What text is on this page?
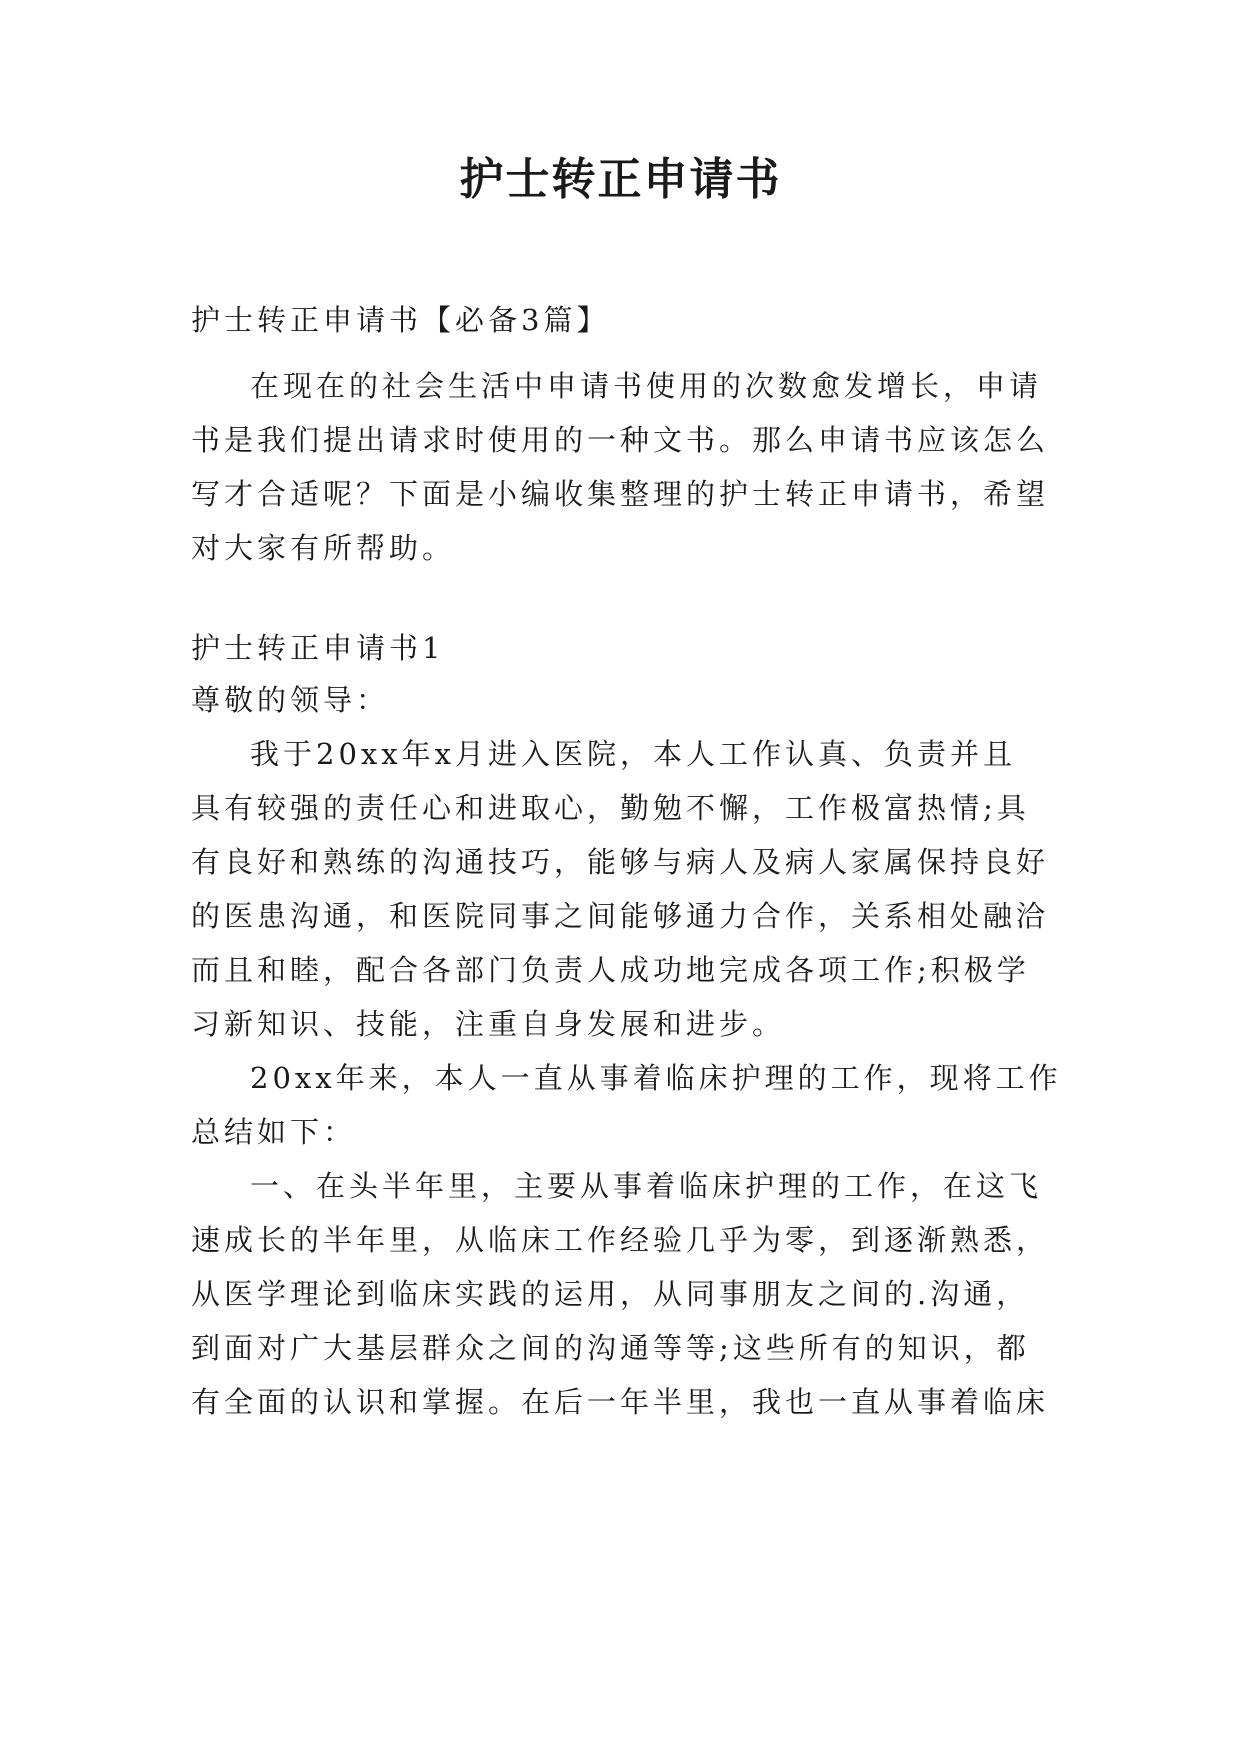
护士转正申请书

护士转正申请书【必备3篇】

在现在的社会生活中申请书使用的次数愈发增长，申请

书是我们提出请求时使用的一种文书。那么申请书应该怎么

写才合适呢？下面是小编收集整理的护士转正申请书，希望

对大家有所帮助。

护士转正申请书1

尊敬的领导：

我于20xx年x月进入医院，本人工作认真、负责并且

具有较强的责任心和进取心，勤勉不懈，工作极富热情;具

有良好和熟练的沟通技巧，能够与病人及病人家属保持良好

的医患沟通，和医院同事之间能够通力合作，关系相处融洽

而且和睦，配合各部门负责人成功地完成各项工作;积极学

习新知识、技能，注重自身发展和进步。

20xx年来，本人一直从事着临床护理的工作，现将工作

总结如下：

一、在头半年里，主要从事着临床护理的工作，在这飞

速成长的半年里，从临床工作经验几乎为零，到逐渐熟悉，

从医学理论到临床实践的运用，从同事朋友之间的.沟通，

到面对广大基层群众之间的沟通等等;这些所有的知识，都

有全面的认识和掌握。在后一年半里，我也一直从事着临床
